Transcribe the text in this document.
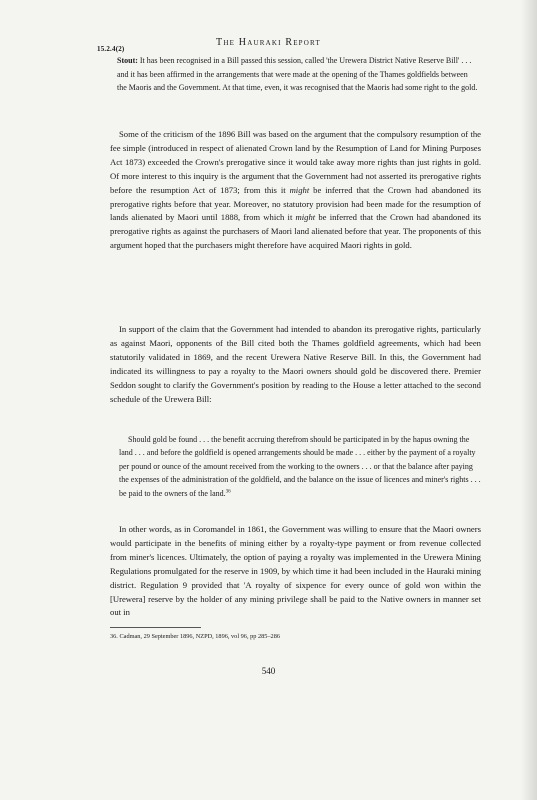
15.2.4(2)
The Hauraki Report
Stout: It has been recognised in a Bill passed this session, called 'the Urewera District Native Reserve Bill' . . . and it has been affirmed in the arrangements that were made at the opening of the Thames goldfields between the Maoris and the Government. At that time, even, it was recognised that the Maoris had some right to the gold.
Some of the criticism of the 1896 Bill was based on the argument that the compulsory resumption of the fee simple (introduced in respect of alienated Crown land by the Resumption of Land for Mining Purposes Act 1873) exceeded the Crown's prerogative since it would take away more rights than just rights in gold. Of more interest to this inquiry is the argument that the Government had not asserted its prerogative rights before the resumption Act of 1873; from this it might be inferred that the Crown had abandoned its prerogative rights before that year. Moreover, no statutory provision had been made for the resumption of lands alienated by Maori until 1888, from which it might be inferred that the Crown had abandoned its prerogative rights as against the purchasers of Maori land alienated before that year. The proponents of this argument hoped that the purchasers might therefore have acquired Maori rights in gold.
In support of the claim that the Government had intended to abandon its prerogative rights, particularly as against Maori, opponents of the Bill cited both the Thames goldfield agreements, which had been statutorily validated in 1869, and the recent Urewera Native Reserve Bill. In this, the Government had indicated its willingness to pay a royalty to the Maori owners should gold be discovered there. Premier Seddon sought to clarify the Government's position by reading to the House a letter attached to the second schedule of the Urewera Bill:
Should gold be found . . . the benefit accruing therefrom should be participated in by the hapus owning the land . . . and before the goldfield is opened arrangements should be made . . . either by the payment of a royalty per pound or ounce of the amount received from the working to the owners . . . or that the balance after paying the expenses of the administration of the goldfield, and the balance on the issue of licences and miner's rights . . . be paid to the owners of the land.$^{36}$
In other words, as in Coromandel in 1861, the Government was willing to ensure that the Maori owners would participate in the benefits of mining either by a royalty-type payment or from revenue collected from miner's licences. Ultimately, the option of paying a royalty was implemented in the Urewera Mining Regulations promulgated for the reserve in 1909, by which time it had been included in the Hauraki mining district. Regulation 9 provided that 'A royalty of sixpence for every ounce of gold won within the [Urewera] reserve by the holder of any mining privilege shall be paid to the Native owners in manner set out in
36. Cadman, 29 September 1896, NZPD, 1896, vol 96, pp 285–286
540
